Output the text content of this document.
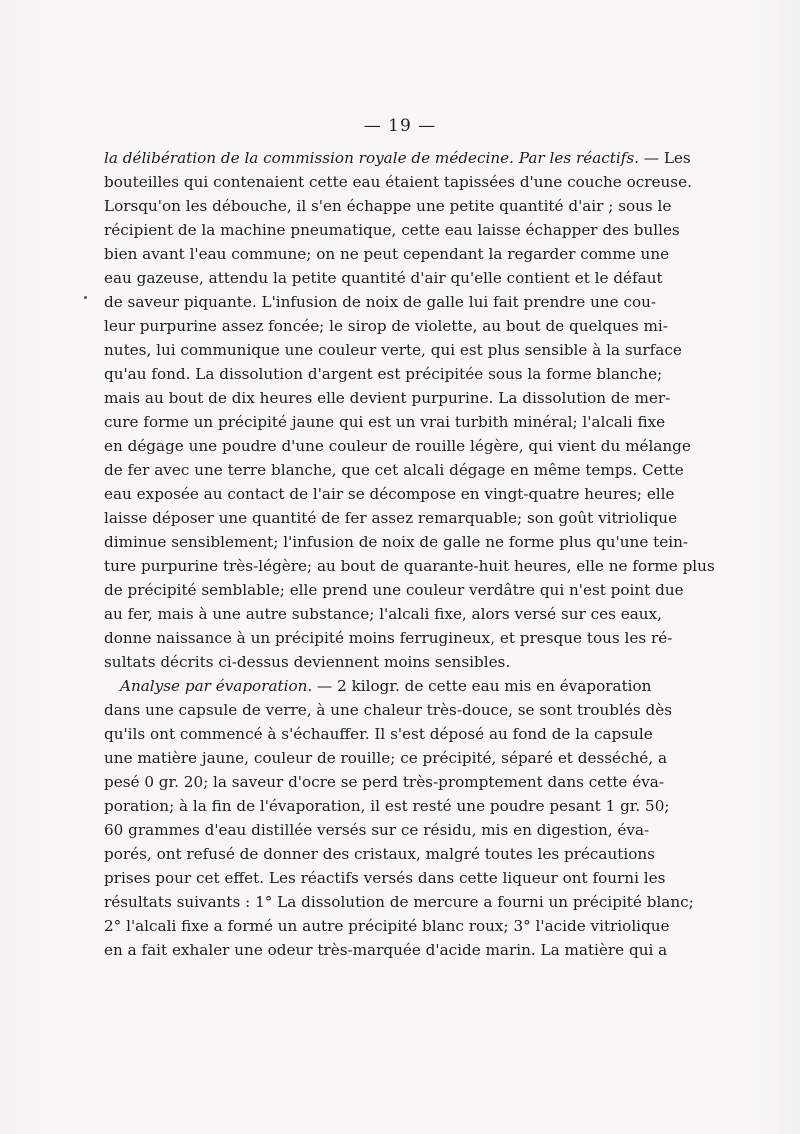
— 19 —
la délibération de la commission royale de médecine. Par les réactifs. — Les
bouteilles qui contenaient cette eau étaient tapissées d'une couche ocreuse.
Lorsqu'on les débouche, il s'en échappe une petite quantité d'air ; sous le
récipient de la machine pneumatique, cette eau laisse échapper des bulles
bien avant l'eau commune; on ne peut cependant la regarder comme une
eau gazeuse, attendu la petite quantité d'air qu'elle contient et le défaut
de saveur piquante. L'infusion de noix de galle lui fait prendre une cou-
leur purpurine assez foncée; le sirop de violette, au bout de quelques mi-
nutes, lui communique une couleur verte, qui est plus sensible à la surface
qu'au fond. La dissolution d'argent est précipitée sous la forme blanche;
mais au bout de dix heures elle devient purpurine. La dissolution de mer-
cure forme un précipité jaune qui est un vrai turbith minéral; l'alcali fixe
en dégage une poudre d'une couleur de rouille légère, qui vient du mélange
de fer avec une terre blanche, que cet alcali dégage en même temps. Cette
eau exposée au contact de l'air se décompose en vingt-quatre heures; elle
laisse déposer une quantité de fer assez remarquable; son goût vitriolique
diminue sensiblement; l'infusion de noix de galle ne forme plus qu'une tein-
ture purpurine très-légère; au bout de quarante-huit heures, elle ne forme plus
de précipité semblable; elle prend une couleur verdâtre qui n'est point due
au fer, mais à une autre substance; l'alcali fixe, alors versé sur ces eaux,
donne naissance à un précipité moins ferrugineux, et presque tous les ré-
sultats décrits ci-dessus deviennent moins sensibles.
Analyse par évaporation. — 2 kilogr. de cette eau mis en évaporation
dans une capsule de verre, à une chaleur très-douce, se sont troublés dès
qu'ils ont commencé à s'échauffer. Il s'est déposé au fond de la capsule
une matière jaune, couleur de rouille; ce précipité, séparé et desséché, a
pesé 0 gr. 20; la saveur d'ocre se perd très-promptement dans cette éva-
poration; à la fin de l'évaporation, il est resté une poudre pesant 1 gr. 50;
60 grammes d'eau distillée versés sur ce résidu, mis en digestion, éva-
porés, ont refusé de donner des cristaux, malgré toutes les précautions
prises pour cet effet. Les réactifs versés dans cette liqueur ont fourni les
résultats suivants : 1° La dissolution de mercure a fourni un précipité blanc;
2° l'alcali fixe a formé un autre précipité blanc roux; 3° l'acide vitriolique
en a fait exhaler une odeur très-marquée d'acide marin. La matière qui a
